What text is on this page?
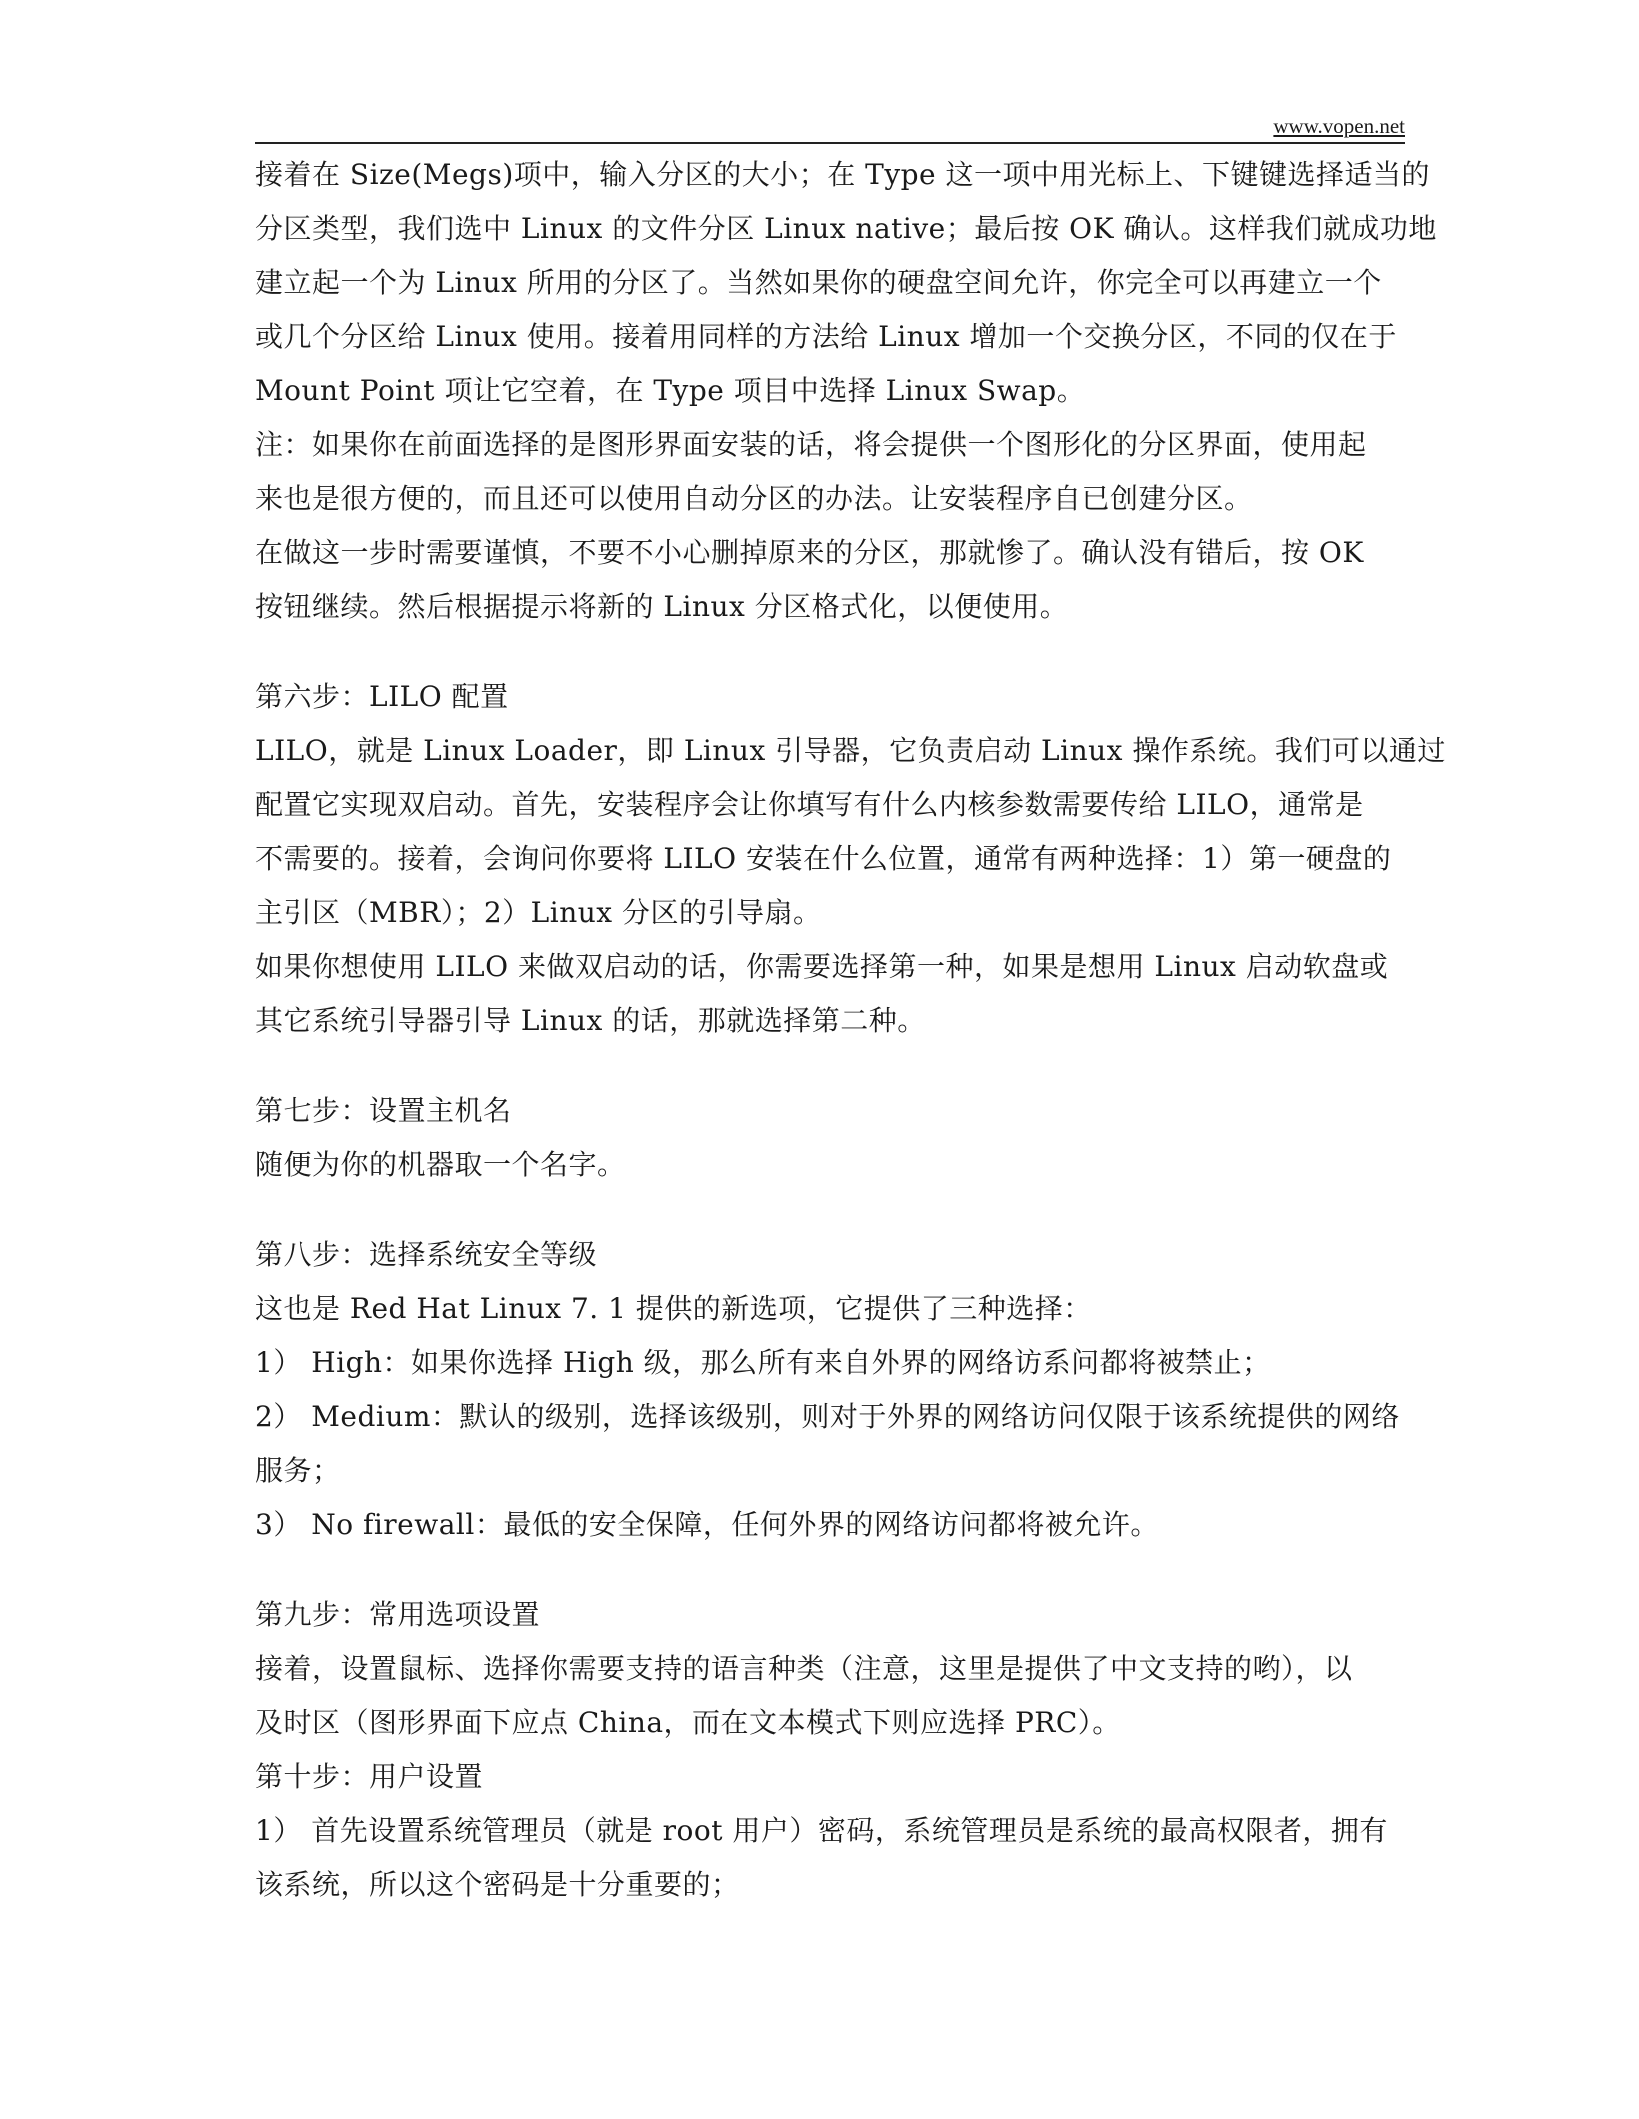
www.vopen.net
接着在 Size(Megs)项中，输入分区的大小；在 Type 这一项中用光标上、下键键选择适当的
分区类型，我们选中 Linux 的文件分区 Linux native；最后按 OK 确认。这样我们就成功地
建立起一个为 Linux 所用的分区了。当然如果你的硬盘空间允许，你完全可以再建立一个
或几个分区给 Linux 使用。接着用同样的方法给 Linux 增加一个交换分区，不同的仅在于
Mount Point 项让它空着，在 Type 项目中选择 Linux Swap。
注：如果你在前面选择的是图形界面安装的话，将会提供一个图形化的分区界面，使用起
来也是很方便的，而且还可以使用自动分区的办法。让安装程序自已创建分区。
在做这一步时需要谨慎，不要不小心删掉原来的分区，那就惨了。确认没有错后，按 OK
按钮继续。然后根据提示将新的 Linux 分区格式化，以便使用。
第六步：LILO 配置
LILO，就是 Linux Loader，即 Linux 引导器，它负责启动 Linux 操作系统。我们可以通过
配置它实现双启动。首先，安装程序会让你填写有什么内核参数需要传给 LILO，通常是
不需要的。接着，会询问你要将 LILO 安装在什么位置，通常有两种选择：1）第一硬盘的
主引区（MBR）；2）Linux 分区的引导扇。
如果你想使用 LILO 来做双启动的话，你需要选择第一种，如果是想用 Linux 启动软盘或
其它系统引导器引导 Linux 的话，那就选择第二种。
第七步：设置主机名
随便为你的机器取一个名字。
第八步：选择系统安全等级
这也是 Red Hat Linux 7. 1 提供的新选项，它提供了三种选择：
1） High：如果你选择 High 级，那么所有来自外界的网络访系问都将被禁止；
2） Medium：默认的级别，选择该级别，则对于外界的网络访问仅限于该系统提供的网络
服务；
3） No firewall：最低的安全保障，任何外界的网络访问都将被允许。
第九步：常用选项设置
接着，设置鼠标、选择你需要支持的语言种类（注意，这里是提供了中文支持的哟），以
及时区（图形界面下应点 China，而在文本模式下则应选择 PRC）。
第十步：用户设置
1） 首先设置系统管理员（就是 root 用户）密码，系统管理员是系统的最高权限者，拥有
该系统，所以这个密码是十分重要的；
